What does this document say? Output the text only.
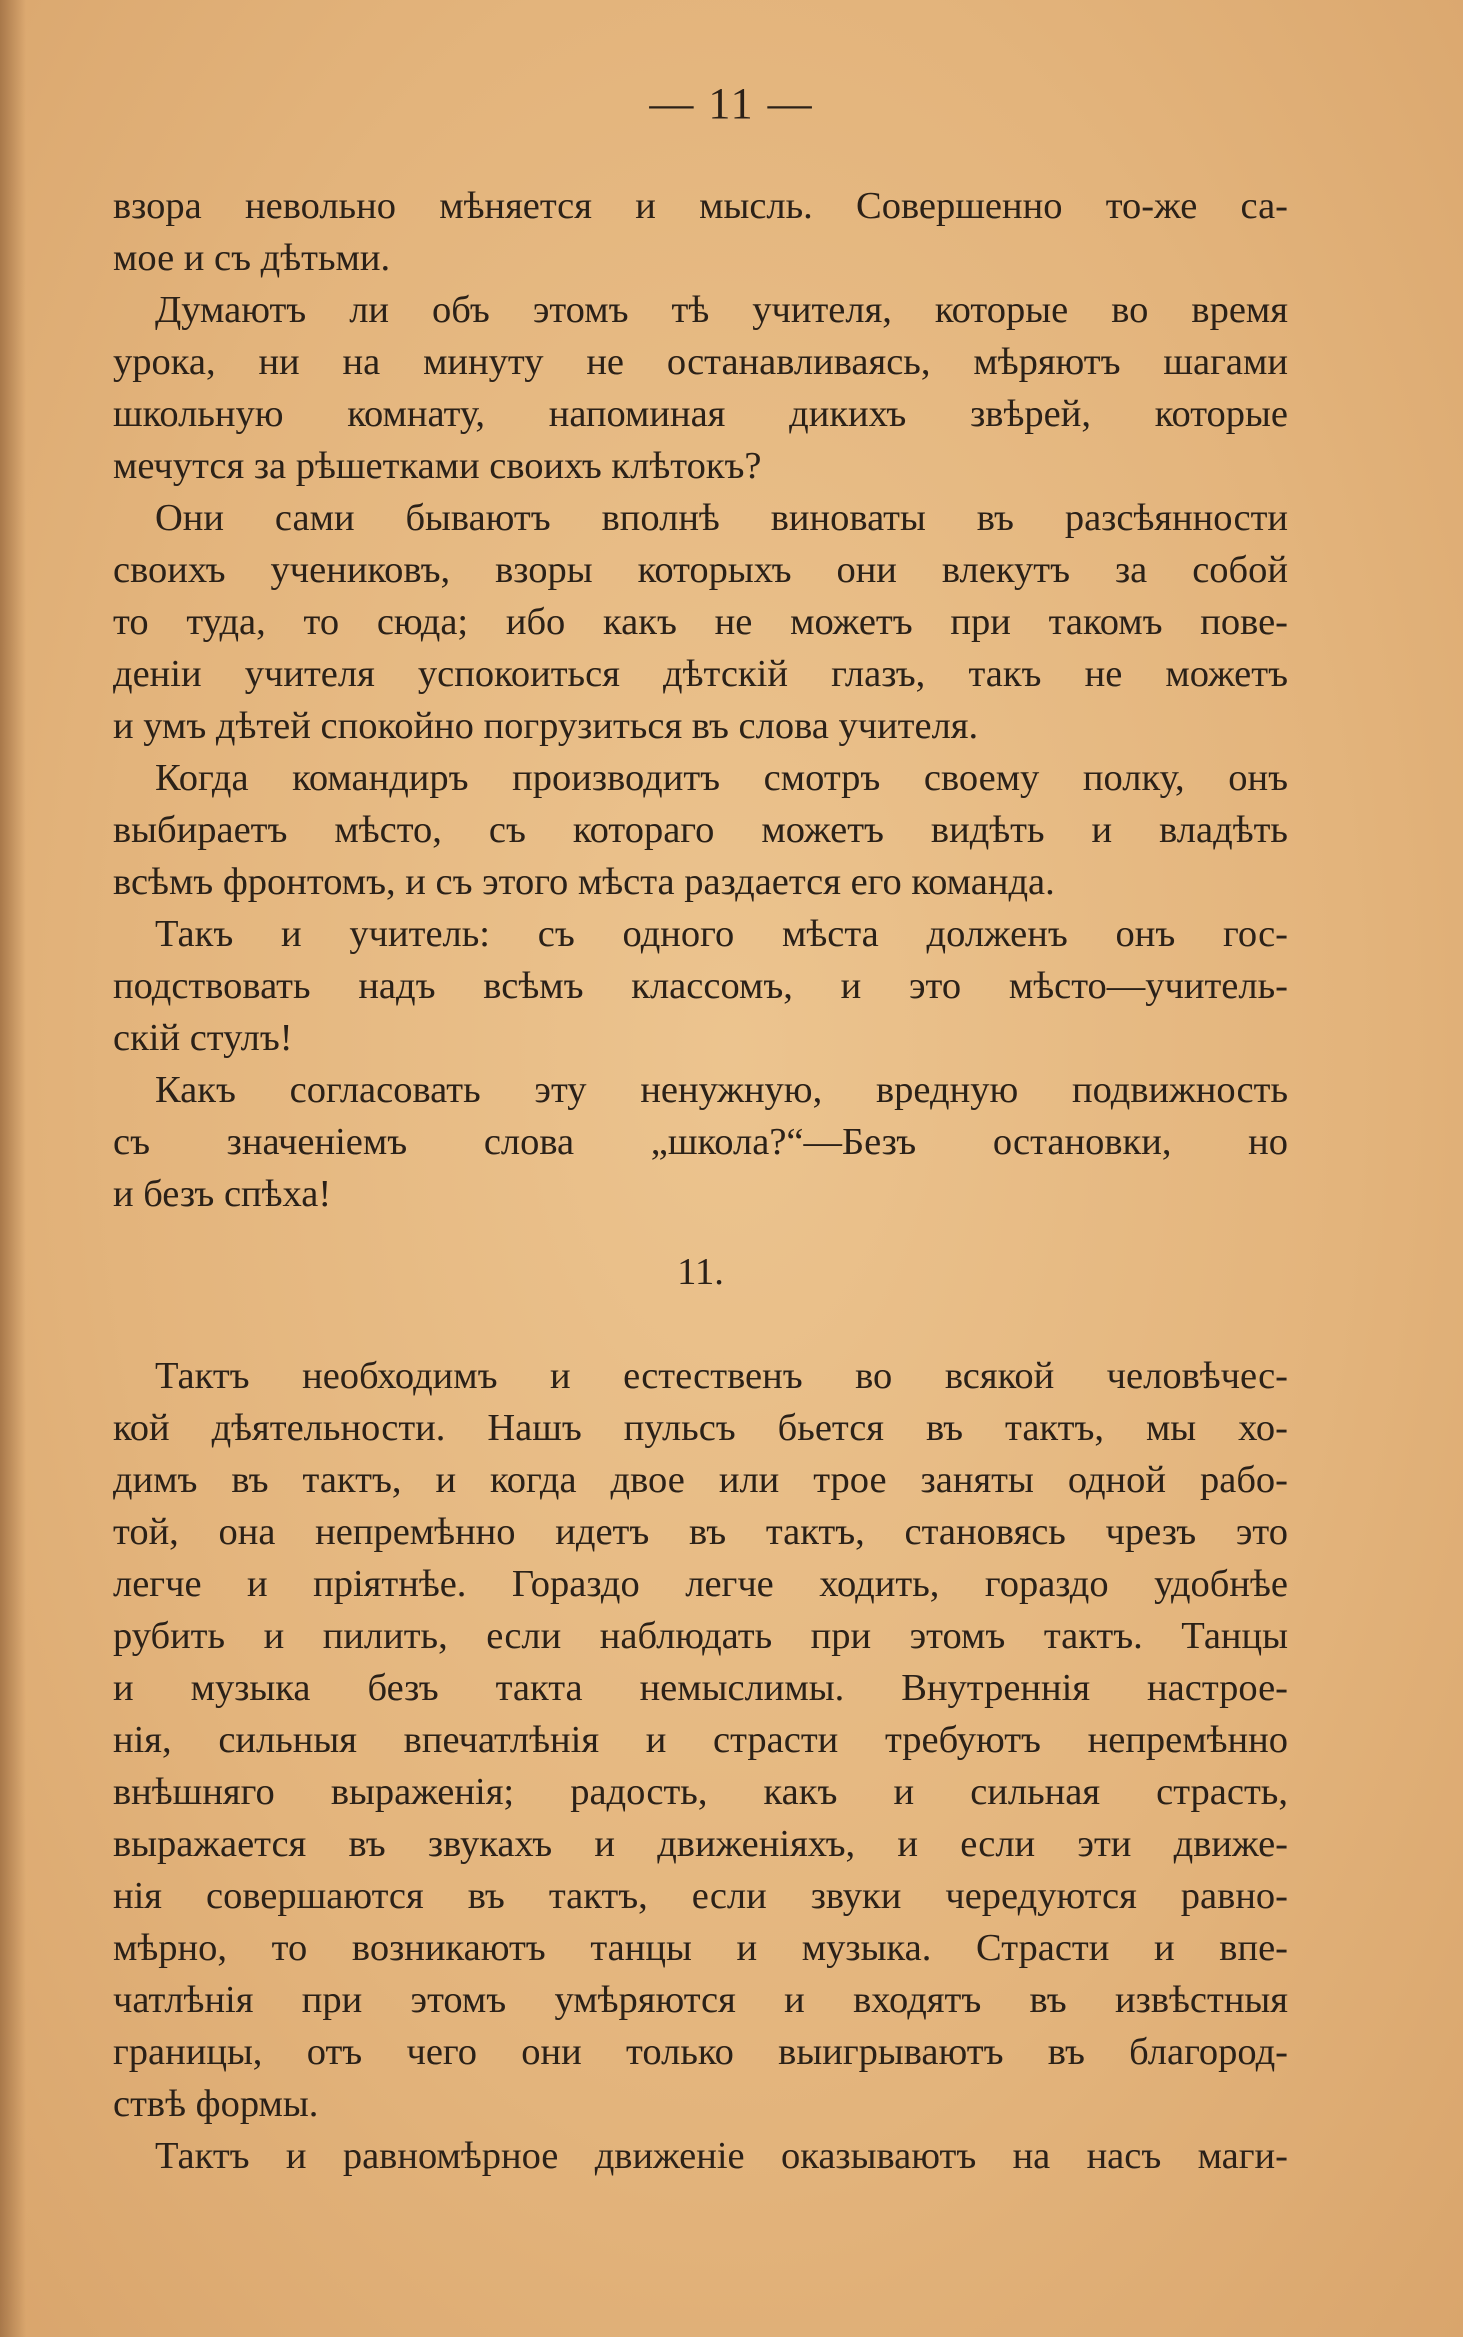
— 11 —
взора невольно мѣняется и мысль. Совершенно то-же са-
мое и съ дѣтьми.
Думаютъ ли объ этомъ тѣ учителя, которые во время
урока, ни на минуту не останавливаясь, мѣряютъ шагами
школьную комнату, напоминая дикихъ звѣрей, которые
мечутся за рѣшетками своихъ клѣтокъ?
Они сами бываютъ вполнѣ виноваты въ разсѣянности
своихъ учениковъ, взоры которыхъ они влекутъ за собой
то туда, то сюда; ибо какъ не можетъ при такомъ пове-
деніи учителя успокоиться дѣтскій глазъ, такъ не можетъ
и умъ дѣтей спокойно погрузиться въ слова учителя.
Когда командиръ производитъ смотръ своему полку, онъ
выбираетъ мѣсто, съ котораго можетъ видѣть и владѣть
всѣмъ фронтомъ, и съ этого мѣста раздается его команда.
Такъ и учитель: съ одного мѣста долженъ онъ гос-
подствовать надъ всѣмъ классомъ, и это мѣсто—учитель-
скій стулъ!
Какъ согласовать эту ненужную, вредную подвижность
съ значеніемъ слова „школа?“—Безъ остановки, но
и безъ спѣха!
11.
Тактъ необходимъ и естественъ во всякой человѣчес-
кой дѣятельности. Нашъ пульсъ бьется въ тактъ, мы хо-
димъ въ тактъ, и когда двое или трое заняты одной рабо-
той, она непремѣнно идетъ въ тактъ, становясь чрезъ это
легче и пріятнѣе. Гораздо легче ходить, гораздо удобнѣе
рубить и пилить, если наблюдать при этомъ тактъ. Танцы
и музыка безъ такта немыслимы. Внутреннія настрое-
нія, сильныя впечатлѣнія и страсти требуютъ непремѣнно
внѣшняго выраженія; радость, какъ и сильная страсть,
выражается въ звукахъ и движеніяхъ, и если эти движе-
нія совершаются въ тактъ, если звуки чередуются равно-
мѣрно, то возникаютъ танцы и музыка. Страсти и впе-
чатлѣнія при этомъ умѣряются и входятъ въ извѣстныя
границы, отъ чего они только выигрываютъ въ благород-
ствѣ формы.
Тактъ и равномѣрное движеніе оказываютъ на насъ маги-
